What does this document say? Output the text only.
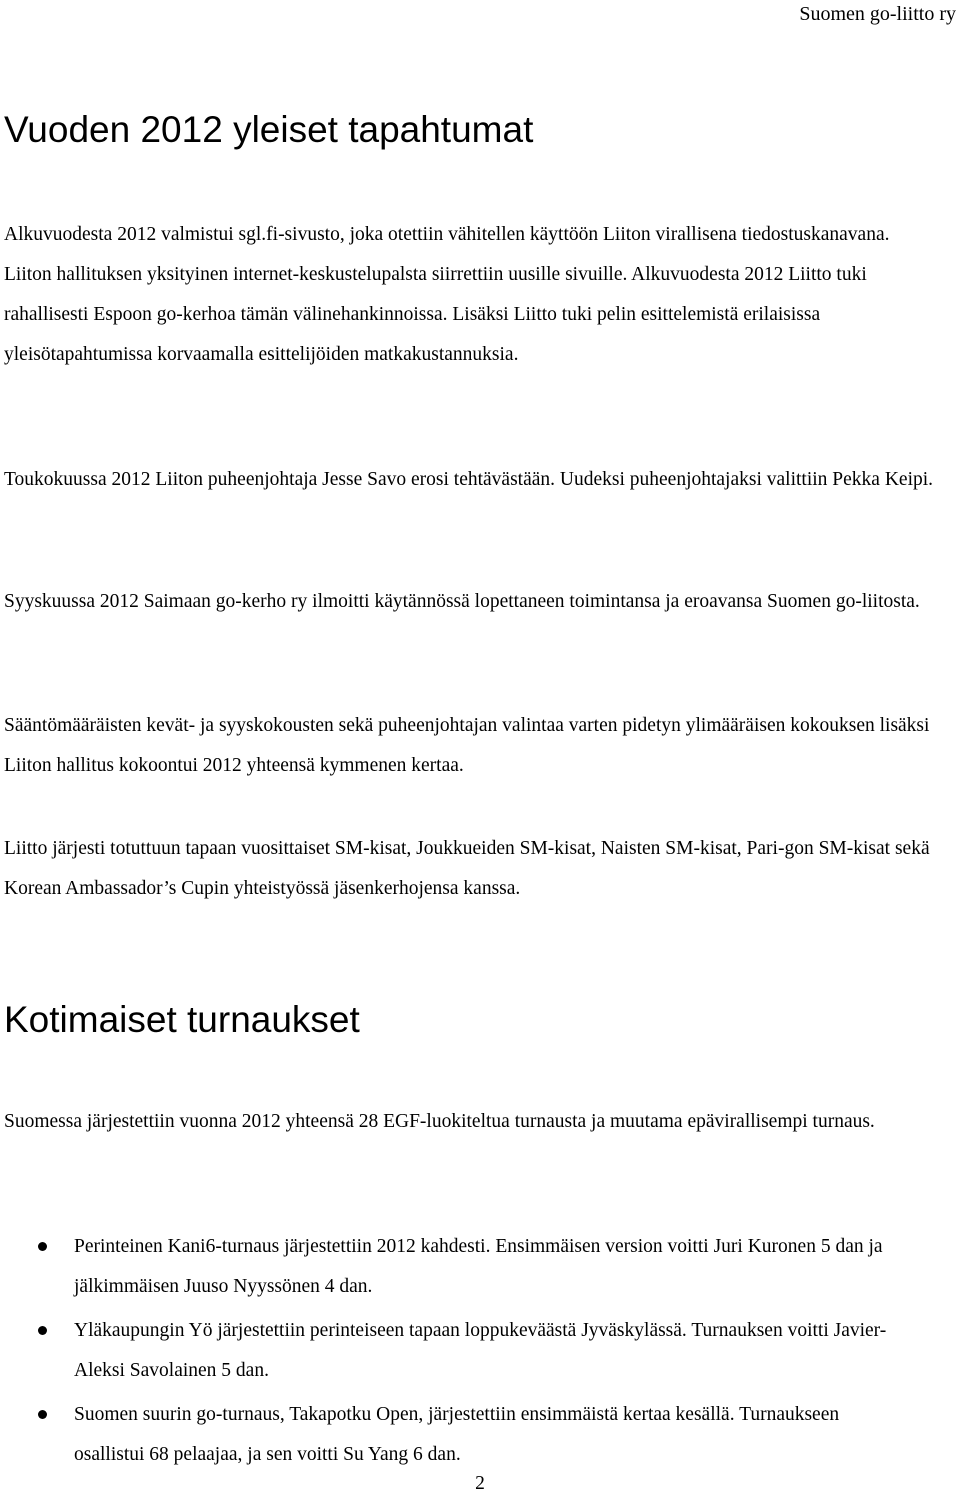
Suomen go-liitto ry
Vuoden 2012 yleiset tapahtumat

Alkuvuodesta 2012 valmistui sgl.fi-sivusto, joka otettiin vähitellen käyttöön Liiton virallisena tiedostuskanavana. Liiton hallituksen yksityinen internet-keskustelupalsta siirrettiin uusille sivuille. Alkuvuodesta 2012 Liitto tuki rahallisesti Espoon go-kerhoa tämän välinehankinnoissa. Lisäksi Liitto tuki pelin esittelemistä erilaisissa yleisötapahtumissa korvaamalla esittelijöiden matkakustannuksia.

Toukokuussa 2012 Liiton puheenjohtaja Jesse Savo erosi tehtävästään. Uudeksi puheenjohtajaksi valittiin Pekka Keipi.

Syyskuussa 2012 Saimaan go-kerho ry ilmoitti käytännössä lopettaneen toimintansa ja eroavansa Suomen go-liitosta.

Sääntömääräisten kevät- ja syyskokousten sekä puheenjohtajan valintaa varten pidetyn ylimääräisen kokouksen lisäksi Liiton hallitus kokoontui 2012 yhteensä kymmenen kertaa.

Liitto järjesti totuttuun tapaan vuosittaiset SM-kisat, Joukkueiden SM-kisat, Naisten SM-kisat, Pari-gon SM-kisat sekä Korean Ambassador’s Cupin yhteistyössä jäsenkerhojensa kanssa.

Kotimaiset turnaukset

Suomessa järjestettiin vuonna 2012 yhteensä 28 EGF-luokiteltua turnausta ja muutama epävirallisempi turnaus.

Perinteinen Kani6-turnaus järjestettiin 2012 kahdesti. Ensimmäisen version voitti Juri Kuronen 5 dan ja jälkimmäisen Juuso Nyyssönen 4 dan.
Yläkaupungin Yö järjestettiin perinteiseen tapaan loppukeväästä Jyväskylässä. Turnauksen voitti Javier-Aleksi Savolainen 5 dan.
Suomen suurin go-turnaus, Takapotku Open, järjestettiin ensimmäistä kertaa kesällä. Turnaukseen osallistui 68 pelaajaa, ja sen voitti Su Yang 6 dan.
2
